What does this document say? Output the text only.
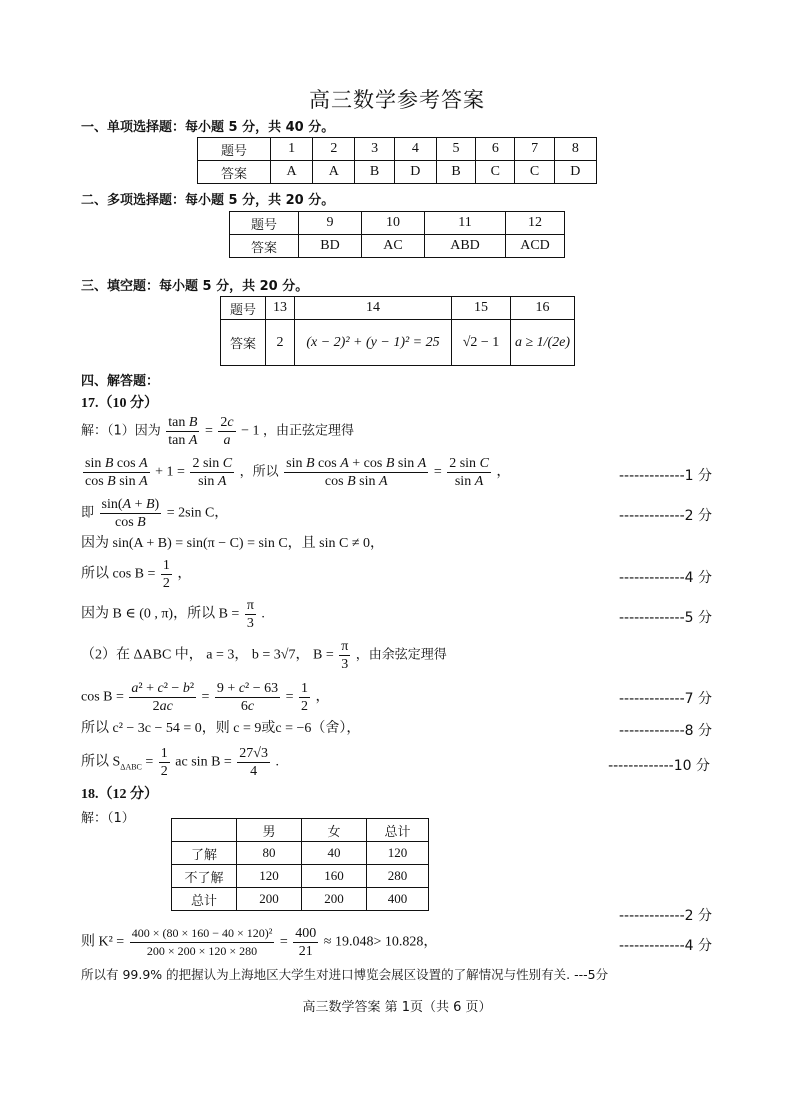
高三数学参考答案
一、单项选择题：每小题 5 分，共 40 分。
题号	1	2	3	4	5	6	7	8
答案	A	A	B	D	B	C	C	D
二、多项选择题：每小题 5 分，共 20 分。
题号	9	10	11	12
答案	BD	AC	ABD	ACD
三、填空题：每小题 5 分，共 20 分。
题号	13	14	15	16
答案	2	(x − 2)² + (y − 1)² = 25	√2 − 1	a ≥ 1/(2e)
四、解答题：
17.（10 分）
解：（1）因为 $\frac{\text{tan B}}{\text{tan A}} = \frac{2c}{a} - 1$ ，由正弦定理得
$\frac{\text{sin B cos A}}{\text{cos B sin A}} + 1 = \frac{\text{2 sin C}}{\text{sin A}}$ ，所以 $\frac{\text{sin B cos A + cos B sin A}}{\text{cos B sin A}} = \frac{\text{2 sin C}}{\text{sin A}}$ ，	-------------1 分
即 $\frac{\sin(A + B)}{\text{cos B}} = 2\sin$ C，	-------------2 分
因为 sin(A + B) = sin(π − C) = sin C，且 sin C ≠ 0，
所以 $\cos B = \frac{1}{2}$ ，	-------------4 分
因为 B ∈ (0 , π)，所以 $B = \frac{\pi}{3}$ .	-------------5 分
（2）在 ΔABC 中， a = 3， b = 3√7， $B = \frac{\pi}{3}$ ，由余弦定理得
$\cos B = \frac{\text{a² + c² − b²}}{2ac} = \frac{\text{9 + c² − 63}}{6c} = \frac{1}{2}$ ，	-------------7 分
所以 c² − 3c − 54 = 0，则 c = 9或c = −6（舍），	-------------8 分
所以 $S_{\Delta ABC} = \frac{1}{2}$ ac $\sin B = \frac{27√3}{4}$ .	-------------10 分
18.（12 分）
解：（1）
	男	女	总计
了解	80	40	120
不了解	120	160	280
总计	200	200	400
-------------2 分
则 $K^2 = \frac{\text{400 × (80 × 160 − 40 × 120)²}}{200 \times 200 \times 120 \times 280} = \frac{400}{21} \approx 19.048> 10.828$，	-------------4 分
所以有 99.9% 的把握认为上海地区大学生对进口博览会展区设置的了解情况与性别有关. ---5分
高三数学答案 第 1页（共 6 页）
